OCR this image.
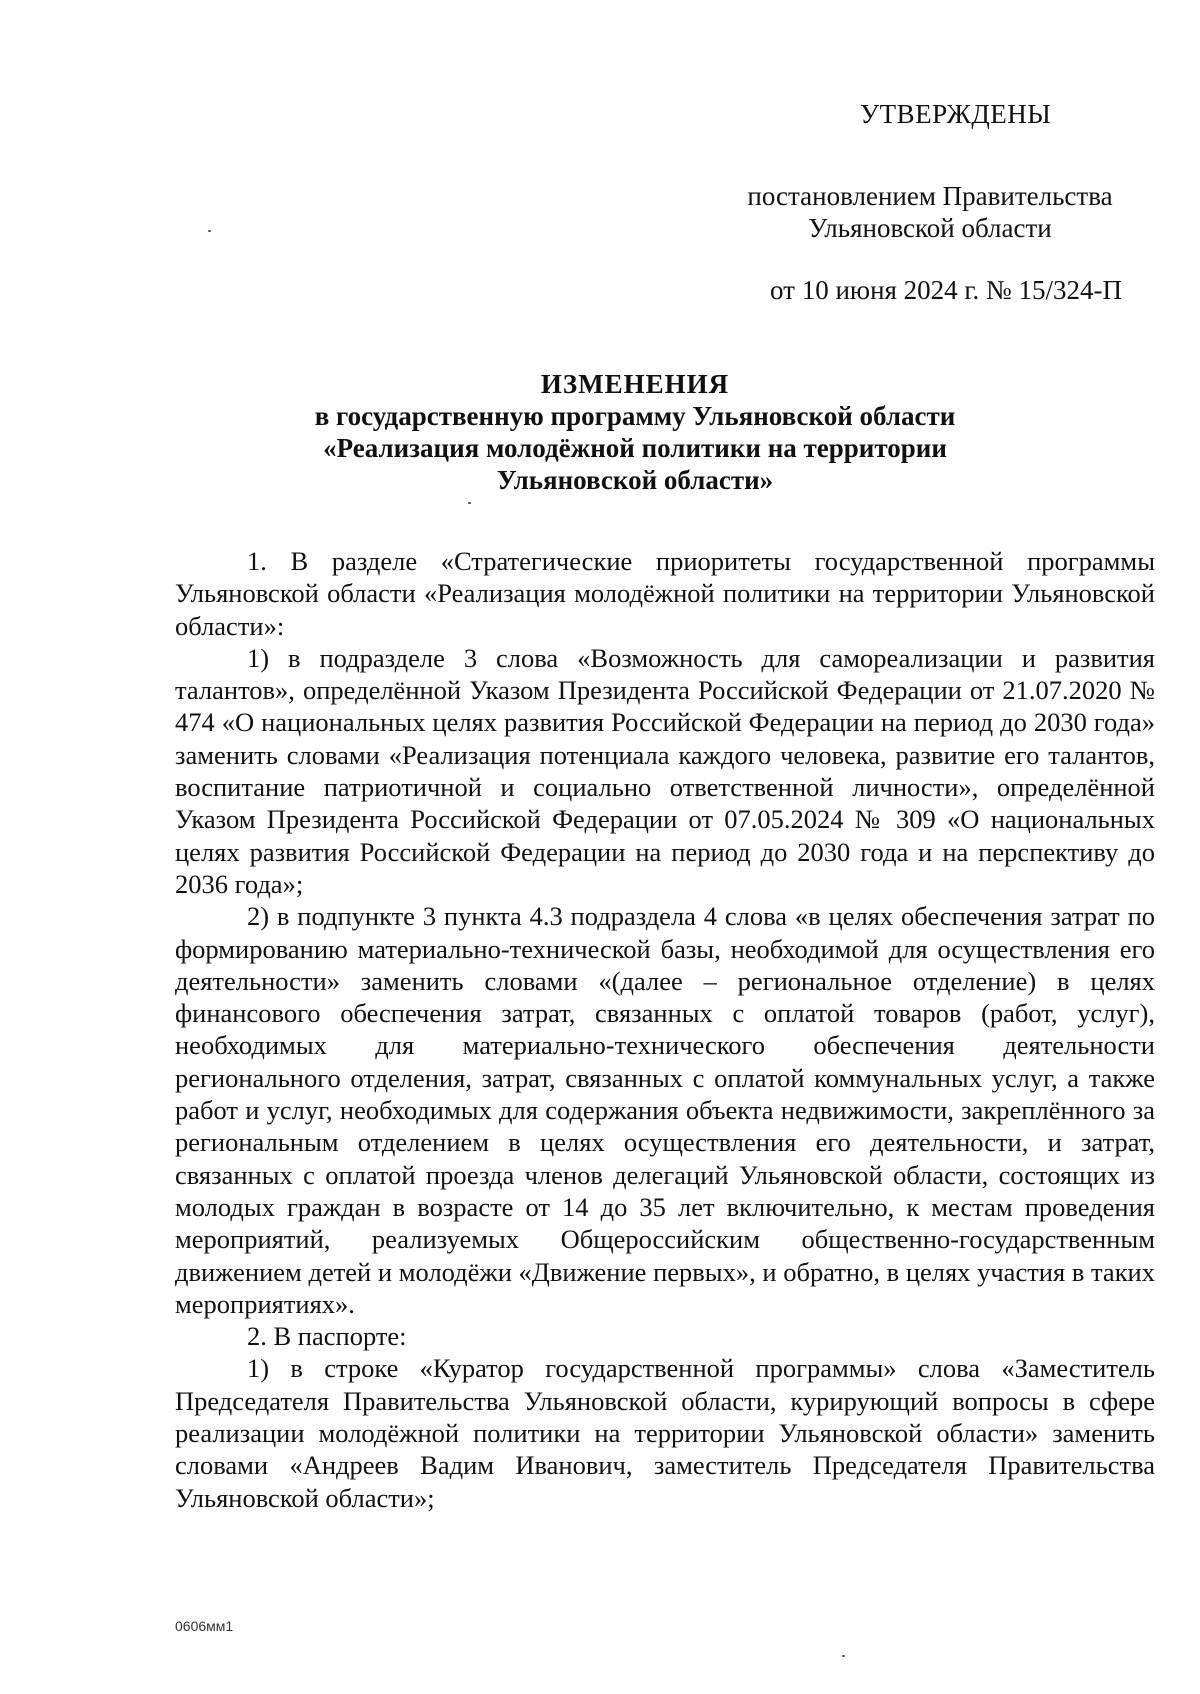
УТВЕРЖДЕНЫ
постановлением Правительства
Ульяновской области
от 10 июня 2024 г. № 15/324-П
ИЗМЕНЕНИЯ
в государственную программу Ульяновской области
«Реализация молодёжной политики на территории
Ульяновской области»

1. В разделе «Стратегические приоритеты государственной программы Ульяновской области «Реализация молодёжной политики на территории Ульяновской области»:

1) в подразделе 3 слова «Возможность для самореализации и развития талантов», определённой Указом Президента Российской Федерации от 21.07.2020 № 474 «О национальных целях развития Российской Федерации на период до 2030 года» заменить словами «Реализация потенциала каждого человека, развитие его талантов, воспитание патриотичной и социально ответственной личности», определённой Указом Президента Российской Федерации от 07.05.2024 № 309 «О национальных целях развития Российской Федерации на период до 2030 года и на перспективу до 2036 года»;

2) в подпункте 3 пункта 4.3 подраздела 4 слова «в целях обеспечения затрат по формированию материально-технической базы, необходимой для осуществления его деятельности» заменить словами «(далее – региональное отделение) в целях финансового обеспечения затрат, связанных с оплатой товаров (работ, услуг), необходимых для материально-технического обеспечения деятельности регионального отделения, затрат, связанных с оплатой коммунальных услуг, а также работ и услуг, необходимых для содержания объекта недвижимости, закреплённого за региональным отделением в целях осуществления его деятельности, и затрат, связанных с оплатой проезда членов делегаций Ульяновской области, состоящих из молодых граждан в возрасте от 14 до 35 лет включительно, к местам проведения мероприятий, реализуемых Общероссийским общественно-государственным движением детей и молодёжи «Движение первых», и обратно, в целях участия в таких мероприятиях».

2. В паспорте:

1) в строке «Куратор государственной программы» слова «Заместитель Председателя Правительства Ульяновской области, курирующий вопросы в сфере реализации молодёжной политики на территории Ульяновской области» заменить словами «Андреев Вадим Иванович, заместитель Председателя Правительства Ульяновской области»;

0606мм1
